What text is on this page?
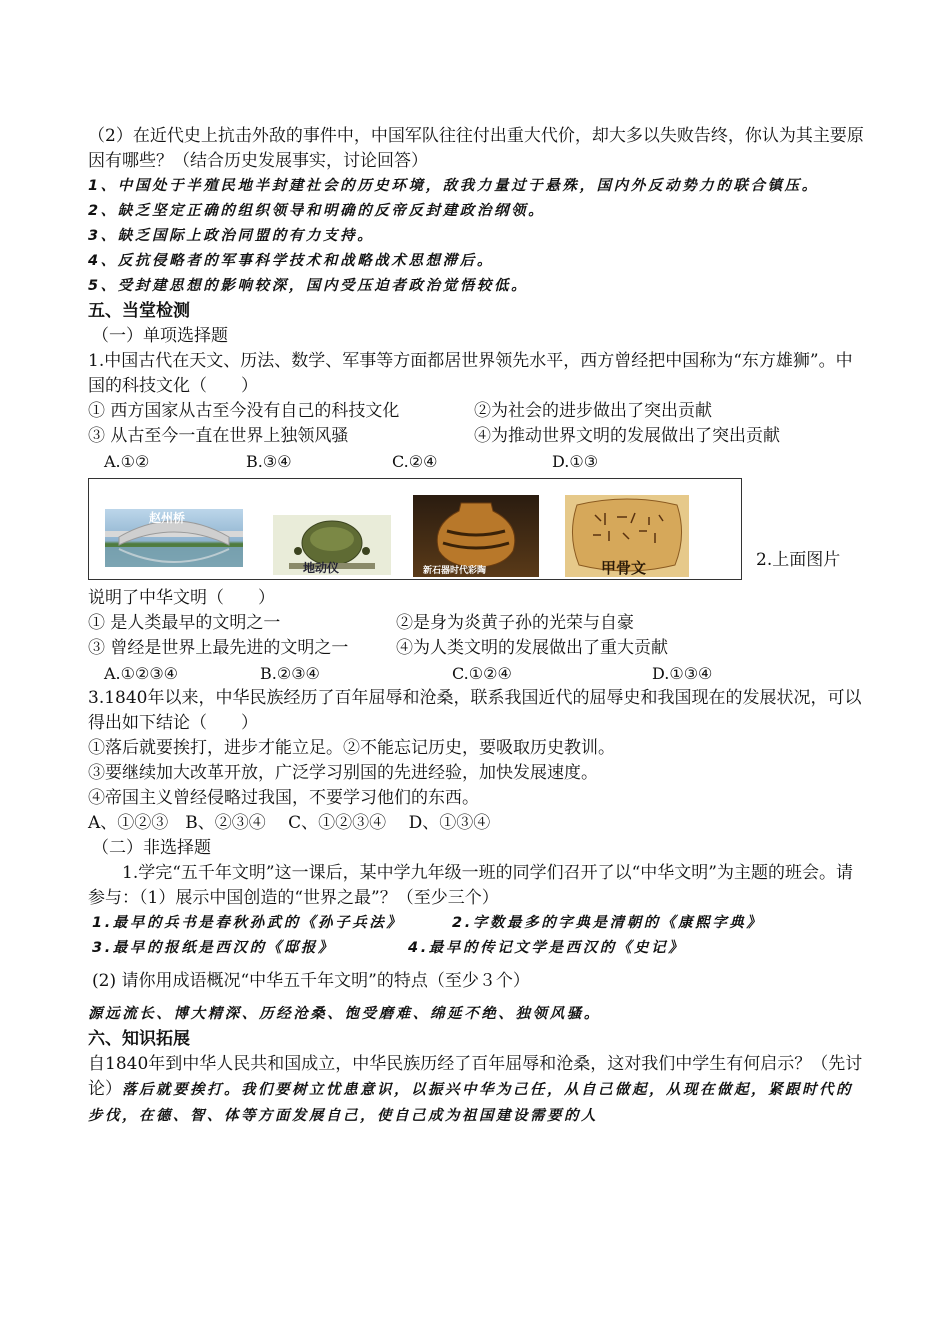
（2）在近代史上抗击外敌的事件中，中国军队往往付出重大代价，却大多以失败告终，你认为其主要原因有哪些？（结合历史发展事实，讨论回答）
1、中国处于半殖民地半封建社会的历史环境，敌我力量过于悬殊，国内外反动势力的联合镇压。
2、缺乏坚定正确的组织领导和明确的反帝反封建政治纲领。
3、缺乏国际上政治同盟的有力支持。
4、反抗侵略者的军事科学技术和战略战术思想滞后。
5、受封建思想的影响较深，国内受压迫者政治觉悟较低。
五、当堂检测
（一）单项选择题
1.中国古代在天文、历法、数学、军事等方面都居世界领先水平，西方曾经把中国称为“东方雄狮”。中国的科技文化（　　）
① 西方国家从古至今没有自己的科技文化	②为社会的进步做出了突出贡献
③ 从古至今一直在世界上独领风骚	④为推动世界文明的发展做出了突出贡献
A.①②	B.③④	C.②④	D.①③
赵州桥
地动仪	新石器时代彩陶	甲骨文	2.上面图片
说明了中华文明（　　）
① 是人类最早的文明之一	②是身为炎黄子孙的光荣与自豪
③ 曾经是世界上最先进的文明之一	④为人类文明的发展做出了重大贡献
A.①②③④	B.②③④	C.①②④	D.①③④
3.1840年以来，中华民族经历了百年屈辱和沧桑，联系我国近代的屈辱史和我国现在的发展状况，可以得出如下结论（　　）
①落后就要挨打，进步才能立足。②不能忘记历史，要吸取历史教训。
③要继续加大改革开放，广泛学习别国的先进经验，加快发展速度。
④帝国主义曾经侵略过我国，不要学习他们的东西。
A、①②③　B、②③④　 C、①②③④　 D、①③④
（二）非选择题
1.学完“五千年文明”这一课后，某中学九年级一班的同学们召开了以“中华文明”为主题的班会。请参与：（1）展示中国创造的“世界之最”？（至少三个）
1.最早的兵书是春秋孙武的《孙子兵法》	2.字数最多的字典是清朝的《康熙字典》
3.最早的报纸是西汉的《邸报》	4.最早的传记文学是西汉的《史记》
(2) 请你用成语概况“中华五千年文明”的特点（至少３个）
源远流长、博大精深、历经沧桑、饱受磨难、绵延不绝、独领风骚。
六、知识拓展
自1840年到中华人民共和国成立，中华民族历经了百年屈辱和沧桑，这对我们中学生有何启示？（先讨论）落后就要挨打。我们要树立忧患意识，以振兴中华为己任，从自己做起，从现在做起，紧跟时代的步伐，在德、智、体等方面发展自己，使自己成为祖国建设需要的人
